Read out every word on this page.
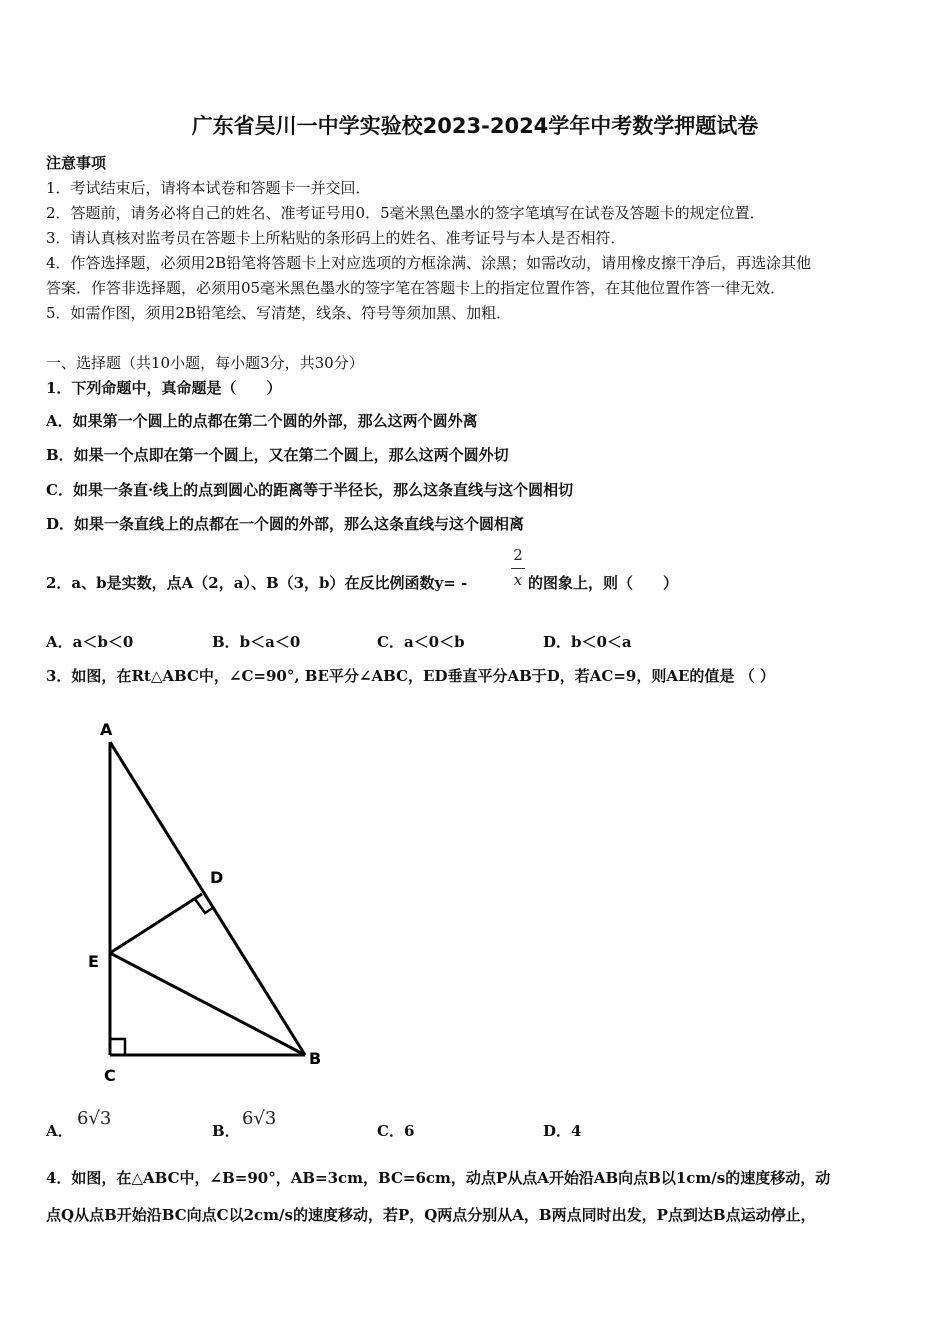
广东省吴川一中学实验校2023-2024学年中考数学押题试卷
注意事项
1．考试结束后，请将本试卷和答题卡一并交回．
2．答题前，请务必将自己的姓名、准考证号用0．5毫米黑色墨水的签字笔填写在试卷及答题卡的规定位置．
3．请认真核对监考员在答题卡上所粘贴的条形码上的姓名、准考证号与本人是否相符．
4．作答选择题，必须用2B铅笔将答题卡上对应选项的方框涂满、涂黑；如需改动，请用橡皮擦干净后，再选涂其他
答案．作答非选择题，必须用05毫米黑色墨水的签字笔在答题卡上的指定位置作答，在其他位置作答一律无效．
5．如需作图，须用2B铅笔绘、写清楚，线条、符号等须加黑、加粗．
一、选择题（共10小题，每小题3分，共30分）
1．下列命题中，真命题是（　　）
A．如果第一个圆上的点都在第二个圆的外部，那么这两个圆外离
B．如果一个点即在第一个圆上，又在第二个圆上，那么这两个圆外切
C．如果一条直·线上的点到圆心的距离等于半径长，那么这条直线与这个圆相切
D．如果一条直线上的点都在一个圆的外部，那么这条直线与这个圆相离
2．a、b是实数，点A（2，a）、B（3，b）在反比例函数y= -
2
x 的图象上，则（　　）
A．a＜b＜0	B．b＜a＜0	C．a＜0＜b	D．b＜0＜a
3．如图，在Rt△ABC中，∠C=90°, BE平分∠ABC，ED垂直平分AB于D，若AC=9，则AE的值是 （ ）
A
D
E
C
B
A．
6√3
B．
6√3
C．6	D．4
4．如图，在△ABC中，∠B=90°，AB=3cm，BC=6cm，动点P从点A开始沿AB向点B以1cm/s的速度移动，动
点Q从点B开始沿BC向点C以2cm/s的速度移动，若P，Q两点分别从A，B两点同时出发，P点到达B点运动停止，
